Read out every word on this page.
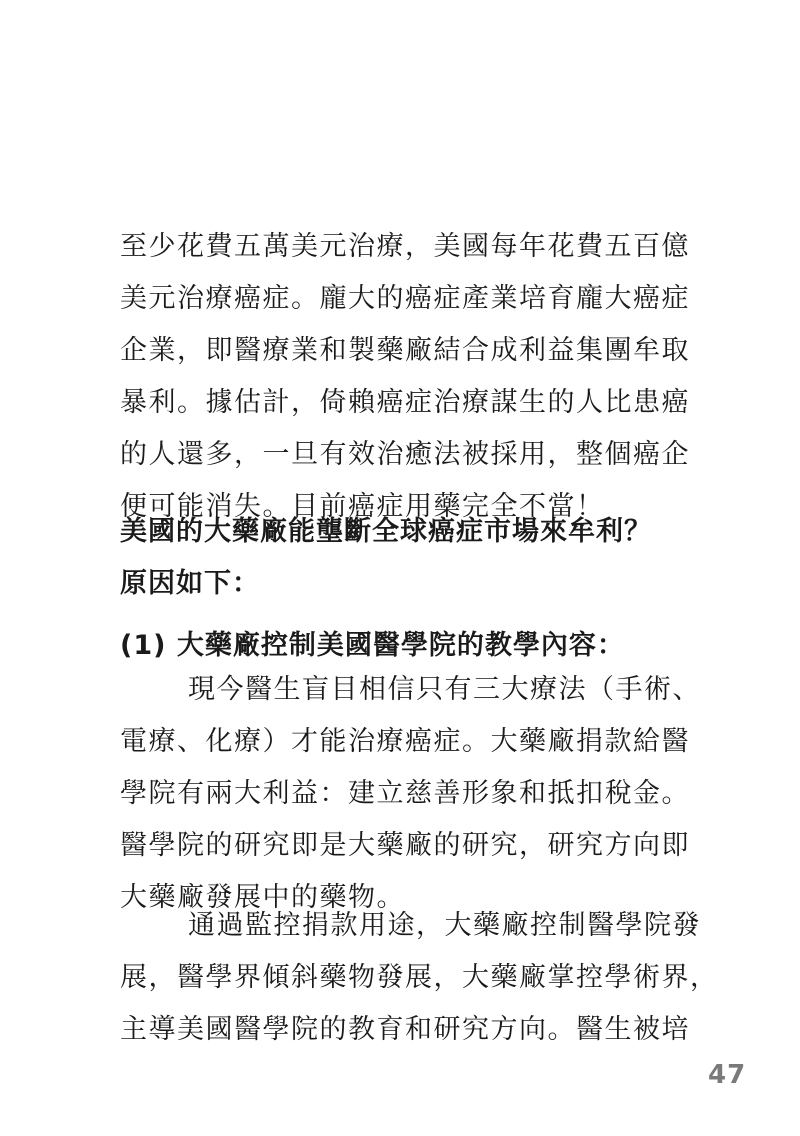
至少花費五萬美元治療，美國每年花費五百億
美元治療癌症。龐大的癌症產業培育龐大癌症
企業，即醫療業和製藥廠結合成利益集團牟取
暴利。據估計，倚賴癌症治療謀生的人比患癌
的人還多，一旦有效治癒法被採用，整個癌企
便可能消失。目前癌症用藥完全不當！
美國的大藥廠能壟斷全球癌症市場來牟利？
原因如下：
(1) 大藥廠控制美國醫學院的教學內容：
現今醫生盲目相信只有三大療法（手術、
電療、化療）才能治療癌症。大藥廠捐款給醫
學院有兩大利益：建立慈善形象和抵扣稅金。
醫學院的研究即是大藥廠的研究，研究方向即
大藥廠發展中的藥物。
通過監控捐款用途，大藥廠控制醫學院發
展，醫學界傾斜藥物發展，大藥廠掌控學術界，
主導美國醫學院的教育和研究方向。醫生被培
47
